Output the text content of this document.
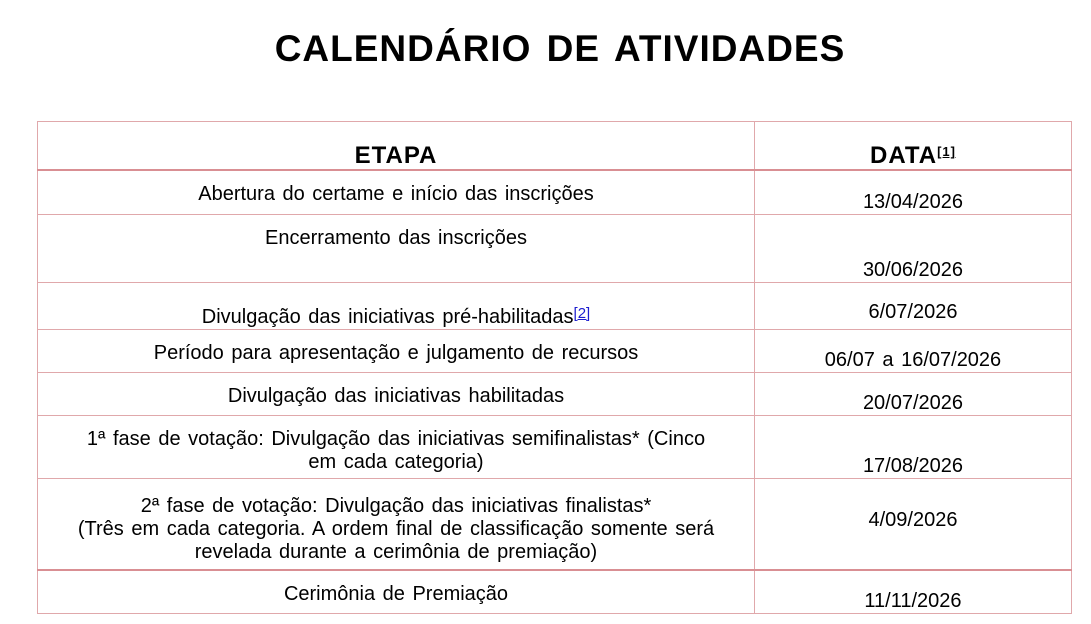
CALENDÁRIO DE ATIVIDADES
ETAPA	DATA[1]
Abertura do certame e início das inscrições	13/04/2026
Encerramento das inscrições	30/06/2026
Divulgação das iniciativas pré-habilitadas[2]	6/07/2026
Período para apresentação e julgamento de recursos	06/07 a 16/07/2026
Divulgação das iniciativas habilitadas	20/07/2026
1ª fase de votação: Divulgação das iniciativas semifinalistas* (Cinco em cada categoria)	17/08/2026

2ª fase de votação: Divulgação das iniciativas finalistas*
(Três em cada categoria. A ordem final de classificação somente será revelada durante a cerimônia de premiação)	4/09/2026
Cerimônia de Premiação	11/11/2026
